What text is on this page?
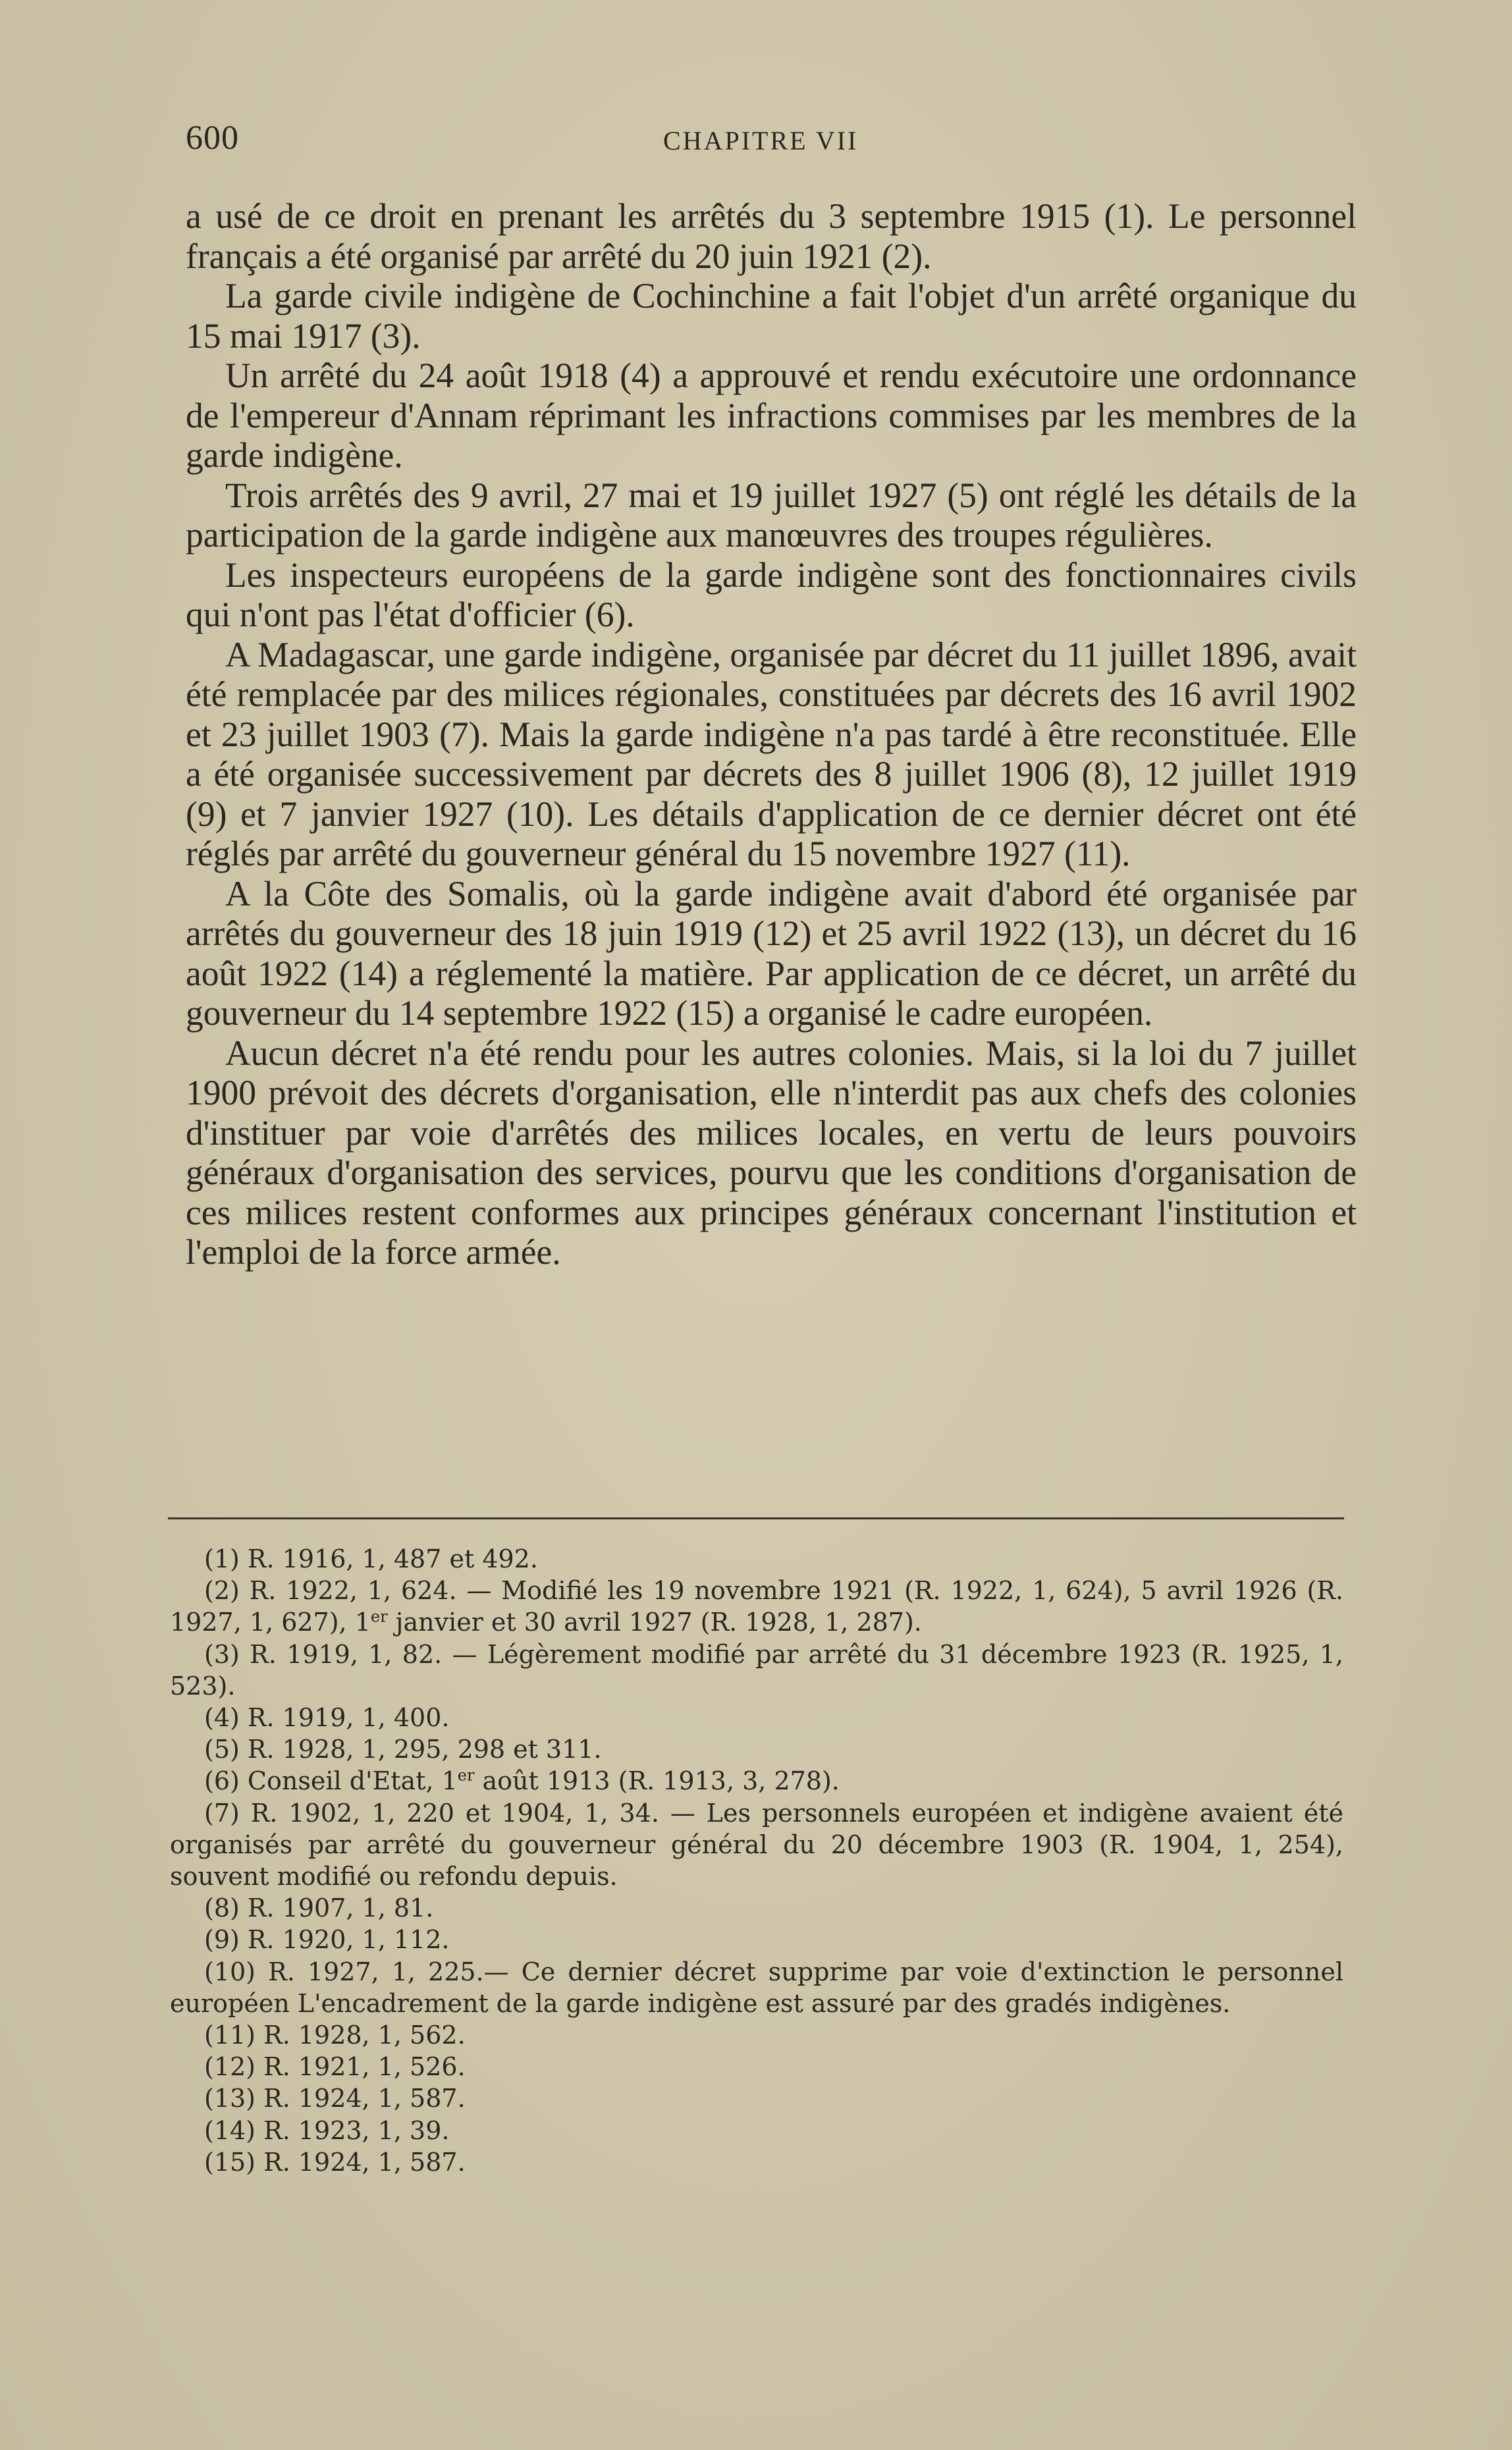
600	CHAPITRE VII

a usé de ce droit en prenant les arrêtés du 3 septembre 1915 (1). Le personnel français a été organisé par arrêté du 20 juin 1921 (2).

La garde civile indigène de Cochinchine a fait l'objet d'un arrêté organique du 15 mai 1917 (3).

Un arrêté du 24 août 1918 (4) a approuvé et rendu exécutoire une ordonnance de l'empereur d'Annam réprimant les infractions commises par les membres de la garde indigène.

Trois arrêtés des 9 avril, 27 mai et 19 juillet 1927 (5) ont réglé les détails de la participation de la garde indigène aux manœuvres des troupes régulières.

Les inspecteurs européens de la garde indigène sont des fonctionnaires civils qui n'ont pas l'état d'officier (6).

A Madagascar, une garde indigène, organisée par décret du 11 juillet 1896, avait été remplacée par des milices régionales, constituées par décrets des 16 avril 1902 et 23 juillet 1903 (7). Mais la garde indigène n'a pas tardé à être reconstituée. Elle a été organisée successivement par décrets des 8 juillet 1906 (8), 12 juillet 1919 (9) et 7 janvier 1927 (10). Les détails d'application de ce dernier décret ont été réglés par arrêté du gouverneur général du 15 novembre 1927 (11).

A la Côte des Somalis, où la garde indigène avait d'abord été organisée par arrêtés du gouverneur des 18 juin 1919 (12) et 25 avril 1922 (13), un décret du 16 août 1922 (14) a réglementé la matière. Par application de ce décret, un arrêté du gouverneur du 14 septembre 1922 (15) a organisé le cadre européen.

Aucun décret n'a été rendu pour les autres colonies. Mais, si la loi du 7 juillet 1900 prévoit des décrets d'organisation, elle n'interdit pas aux chefs des colonies d'instituer par voie d'arrêtés des milices locales, en vertu de leurs pouvoirs généraux d'organisation des services, pourvu que les conditions d'organisation de ces milices restent conformes aux principes généraux concernant l'institution et l'emploi de la force armée.

(1) R. 1916, 1, 487 et 492.

(2) R. 1922, 1, 624. — Modifié les 19 novembre 1921 (R. 1922, 1, 624), 5 avril 1926 (R. 1927, 1, 627), 1er janvier et 30 avril 1927 (R. 1928, 1, 287).

(3) R. 1919, 1, 82. — Légèrement modifié par arrêté du 31 décembre 1923 (R. 1925, 1, 523).

(4) R. 1919, 1, 400.

(5) R. 1928, 1, 295, 298 et 311.

(6) Conseil d'Etat, 1er août 1913 (R. 1913, 3, 278).

(7) R. 1902, 1, 220 et 1904, 1, 34. — Les personnels européen et indigène avaient été organisés par arrêté du gouverneur général du 20 décembre 1903 (R. 1904, 1, 254), souvent modifié ou refondu depuis.

(8) R. 1907, 1, 81.

(9) R. 1920, 1, 112.

(10) R. 1927, 1, 225.— Ce dernier décret supprime par voie d'extinction le personnel européen L'encadrement de la garde indigène est assuré par des gradés indigènes.

(11) R. 1928, 1, 562.

(12) R. 1921, 1, 526.

(13) R. 1924, 1, 587.

(14) R. 1923, 1, 39.

(15) R. 1924, 1, 587.
